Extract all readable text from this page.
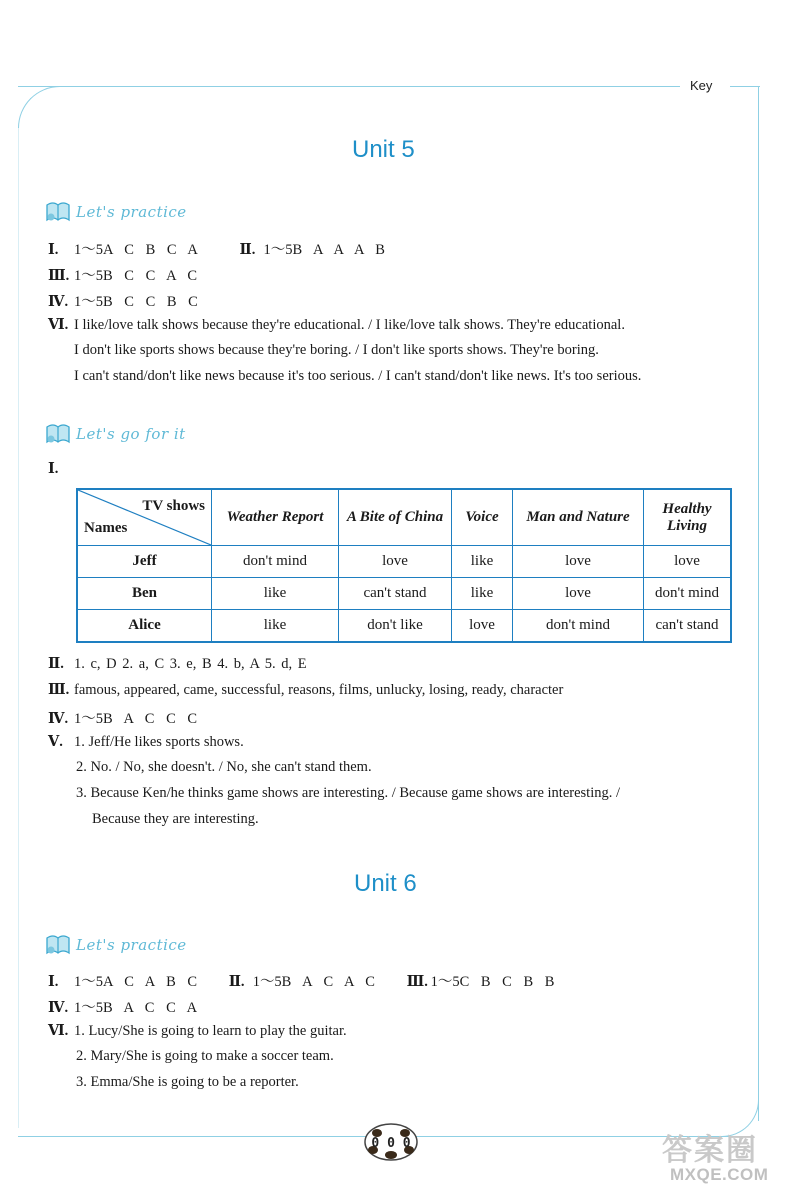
Key
Unit 5
Let's practice
Ⅰ. 1～5A C B C A	Ⅱ. 1～5B A A A B
Ⅲ. 1～5B C C A C
Ⅳ. 1～5B C C B C
Ⅵ. I like/love talk shows because they're educational. / I like/love talk shows. They're educational.
I don't like sports shows because they're boring. / I don't like sports shows. They're boring.
I can't stand/don't like news because it's too serious. / I can't stand/don't like news. It's too serious.
Let's go for it
Ⅰ.
TV shows
Names	Weather Report	A Bite of China	Voice	Man and Nature	Healthy Living
Jeff	don't mind	love	like	love	love
Ben	like	can't stand	like	love	don't mind
Alice	like	don't like	love	don't mind	can't stand
Ⅱ. 1. c, D 2. a, C 3. e, B 4. b, A 5. d, E
Ⅲ. famous, appeared, came, successful, reasons, films, unlucky, losing, ready, character
Ⅳ. 1～5B A C C C
Ⅴ. 1. Jeff/He likes sports shows.
2. No. / No, she doesn't. / No, she can't stand them.
3. Because Ken/he thinks game shows are interesting. / Because game shows are interesting. /
Because they are interesting.
Unit 6
Let's practice
Ⅰ. 1～5A C A B C Ⅱ. 1～5B A C A C Ⅲ. 1～5C B C B B
Ⅳ. 1～5B A C C A
Ⅵ. 1. Lucy/She is going to learn to play the guitar.
2. Mary/She is going to make a soccer team.
3. Emma/She is going to be a reporter.
0 0 0	答案圈
MXQE.COM
